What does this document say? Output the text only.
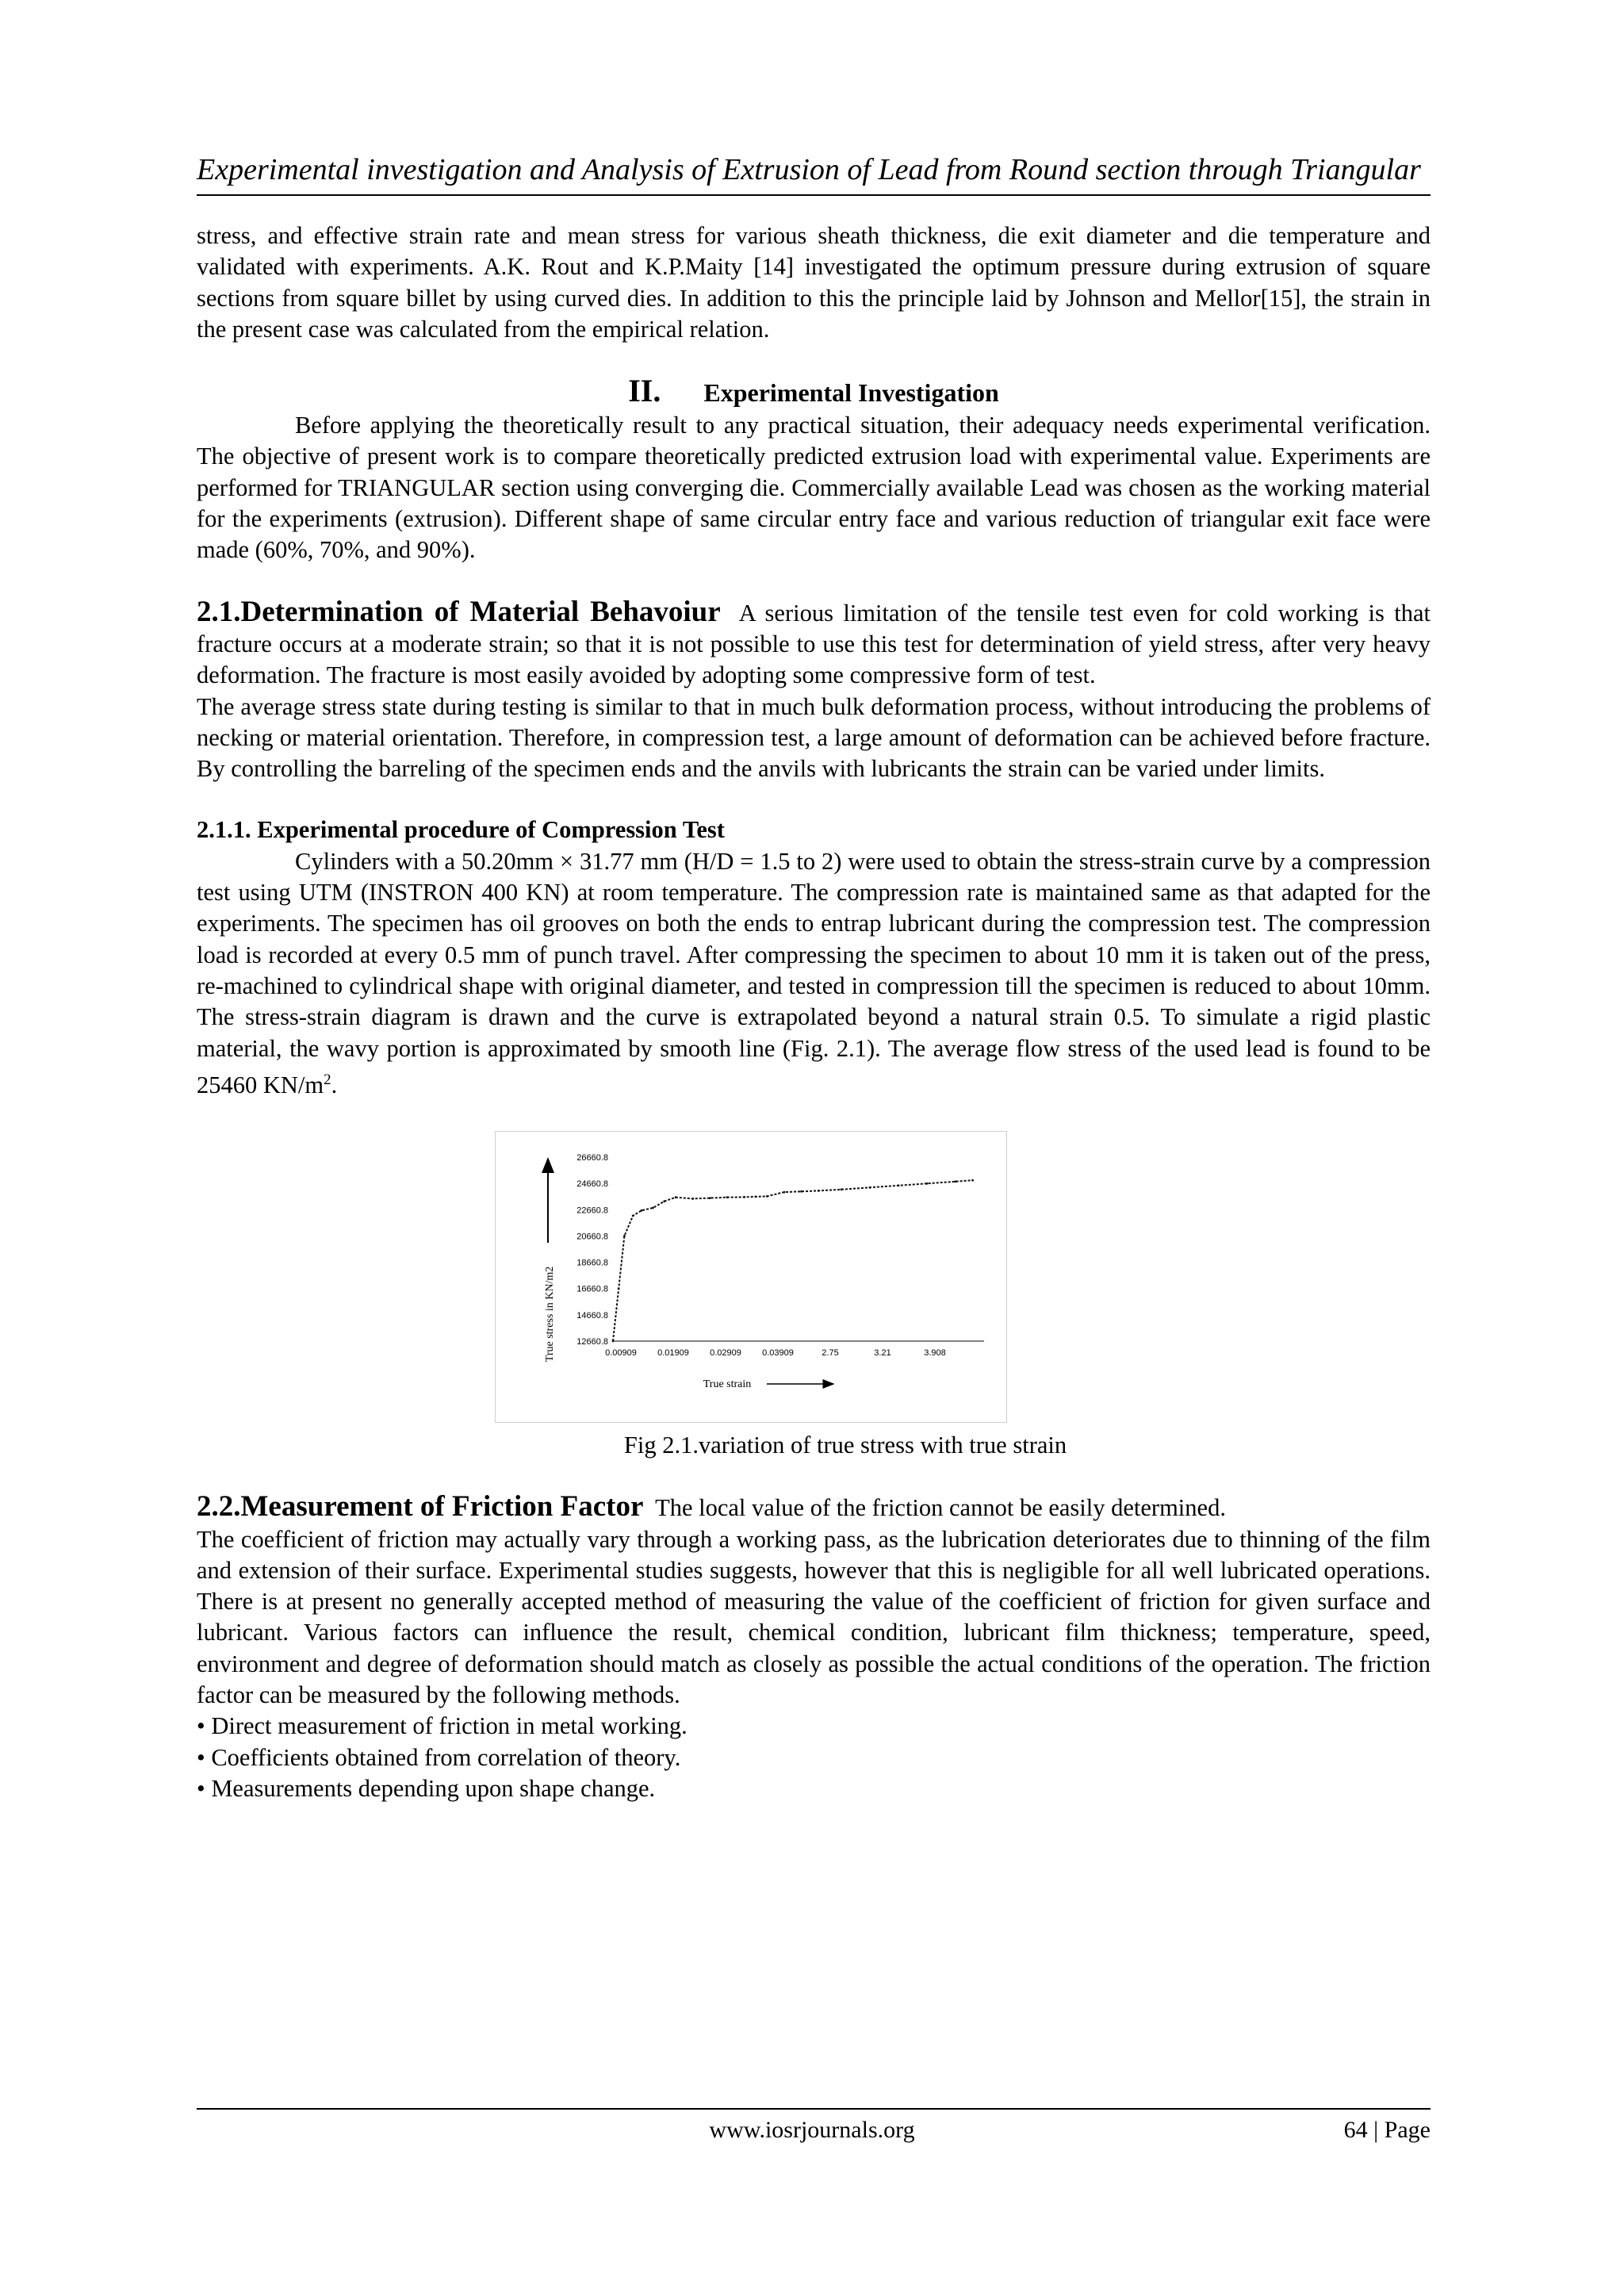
Experimental investigation and Analysis of Extrusion of Lead from Round section through Triangular

stress, and effective strain rate and mean stress for various sheath thickness, die exit diameter and die temperature and validated with experiments. A.K. Rout and K.P.Maity [14] investigated the optimum pressure during extrusion of square sections from square billet by using curved dies. In addition to this the principle laid by Johnson and Mellor[15], the strain in the present case was calculated from the empirical relation.

II. Experimental Investigation

Before applying the theoretically result to any practical situation, their adequacy needs experimental verification. The objective of present work is to compare theoretically predicted extrusion load with experimental value. Experiments are performed for TRIANGULAR section using converging die. Commercially available Lead was chosen as the working material for the experiments (extrusion). Different shape of same circular entry face and various reduction of triangular exit face were made (60%, 70%, and 90%).

2.1.Determination of Material Behavoiur A serious limitation of the tensile test even for cold working is that fracture occurs at a moderate strain; so that it is not possible to use this test for determination of yield stress, after very heavy deformation. The fracture is most easily avoided by adopting some compressive form of test.

The average stress state during testing is similar to that in much bulk deformation process, without introducing the problems of necking or material orientation. Therefore, in compression test, a large amount of deformation can be achieved before fracture. By controlling the barreling of the specimen ends and the anvils with lubricants the strain can be varied under limits.

2.1.1. Experimental procedure of Compression Test

Cylinders with a 50.20mm × 31.77 mm (H/D = 1.5 to 2) were used to obtain the stress-strain curve by a compression test using UTM (INSTRON 400 KN) at room temperature. The compression rate is maintained same as that adapted for the experiments. The specimen has oil grooves on both the ends to entrap lubricant during the compression test. The compression load is recorded at every 0.5 mm of punch travel. After compressing the specimen to about 10 mm it is taken out of the press, re-machined to cylindrical shape with original diameter, and tested in compression till the specimen is reduced to about 10mm. The stress-strain diagram is drawn and the curve is extrapolated beyond a natural strain 0.5. To simulate a rigid plastic material, the wavy portion is approximated by smooth line (Fig. 2.1). The average flow stress of the used lead is found to be 25460 $KN/m^2$.

True stress in KN/m2
True strain
12660.8
14660.8
16660.8
18660.8
20660.8
22660.8
24660.8
26660.8
0.00909 0.01909 0.02909 0.03909	2.75	3.21	3.908
Fig 2.1.variation of true stress with true strain

2.2.Measurement of Friction Factor The local value of the friction cannot be easily determined.

The coefficient of friction may actually vary through a working pass, as the lubrication deteriorates due to thinning of the film and extension of their surface. Experimental studies suggests, however that this is negligible for all well lubricated operations. There is at present no generally accepted method of measuring the value of the coefficient of friction for given surface and lubricant. Various factors can influence the result, chemical condition, lubricant film thickness; temperature, speed, environment and degree of deformation should match as closely as possible the actual conditions of the operation. The friction factor can be measured by the following methods.

• Direct measurement of friction in metal working.
• Coefficients obtained from correlation of theory.
• Measurements depending upon shape change.
www.iosrjournals.org	64 | Page
